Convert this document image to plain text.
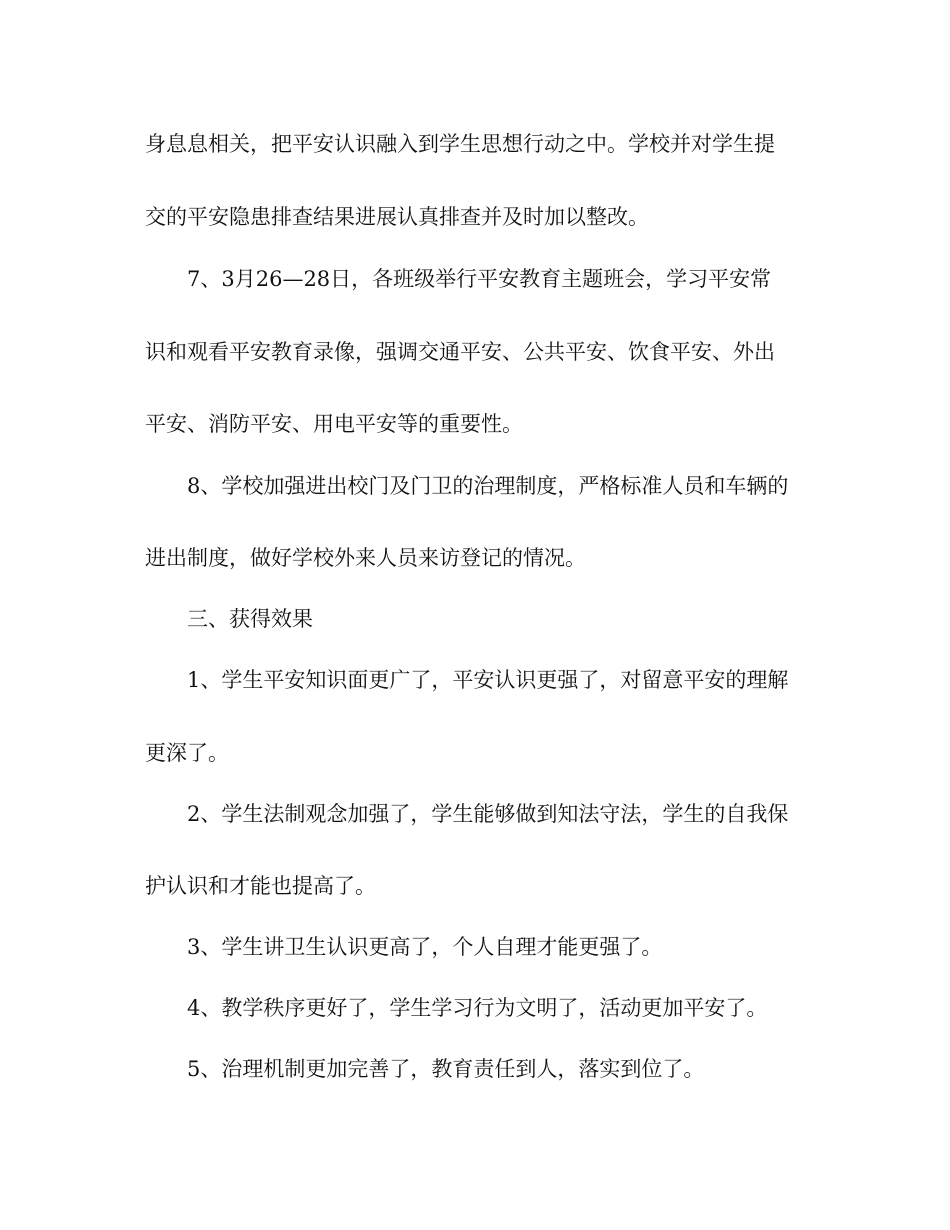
身息息相关，把平安认识融入到学生思想行动之中。学校并对学生提
交的平安隐患排查结果进展认真排查并及时加以整改。
7、3月26—28日，各班级举行平安教育主题班会，学习平安常
识和观看平安教育录像，强调交通平安、公共平安、饮食平安、外出
平安、消防平安、用电平安等的重要性。
8、学校加强进出校门及门卫的治理制度，严格标准人员和车辆的
进出制度，做好学校外来人员来访登记的情况。
三、获得效果
1、学生平安知识面更广了，平安认识更强了，对留意平安的理解
更深了。
2、学生法制观念加强了，学生能够做到知法守法，学生的自我保
护认识和才能也提高了。
3、学生讲卫生认识更高了，个人自理才能更强了。
4、教学秩序更好了，学生学习行为文明了，活动更加平安了。
5、治理机制更加完善了，教育责任到人，落实到位了。
